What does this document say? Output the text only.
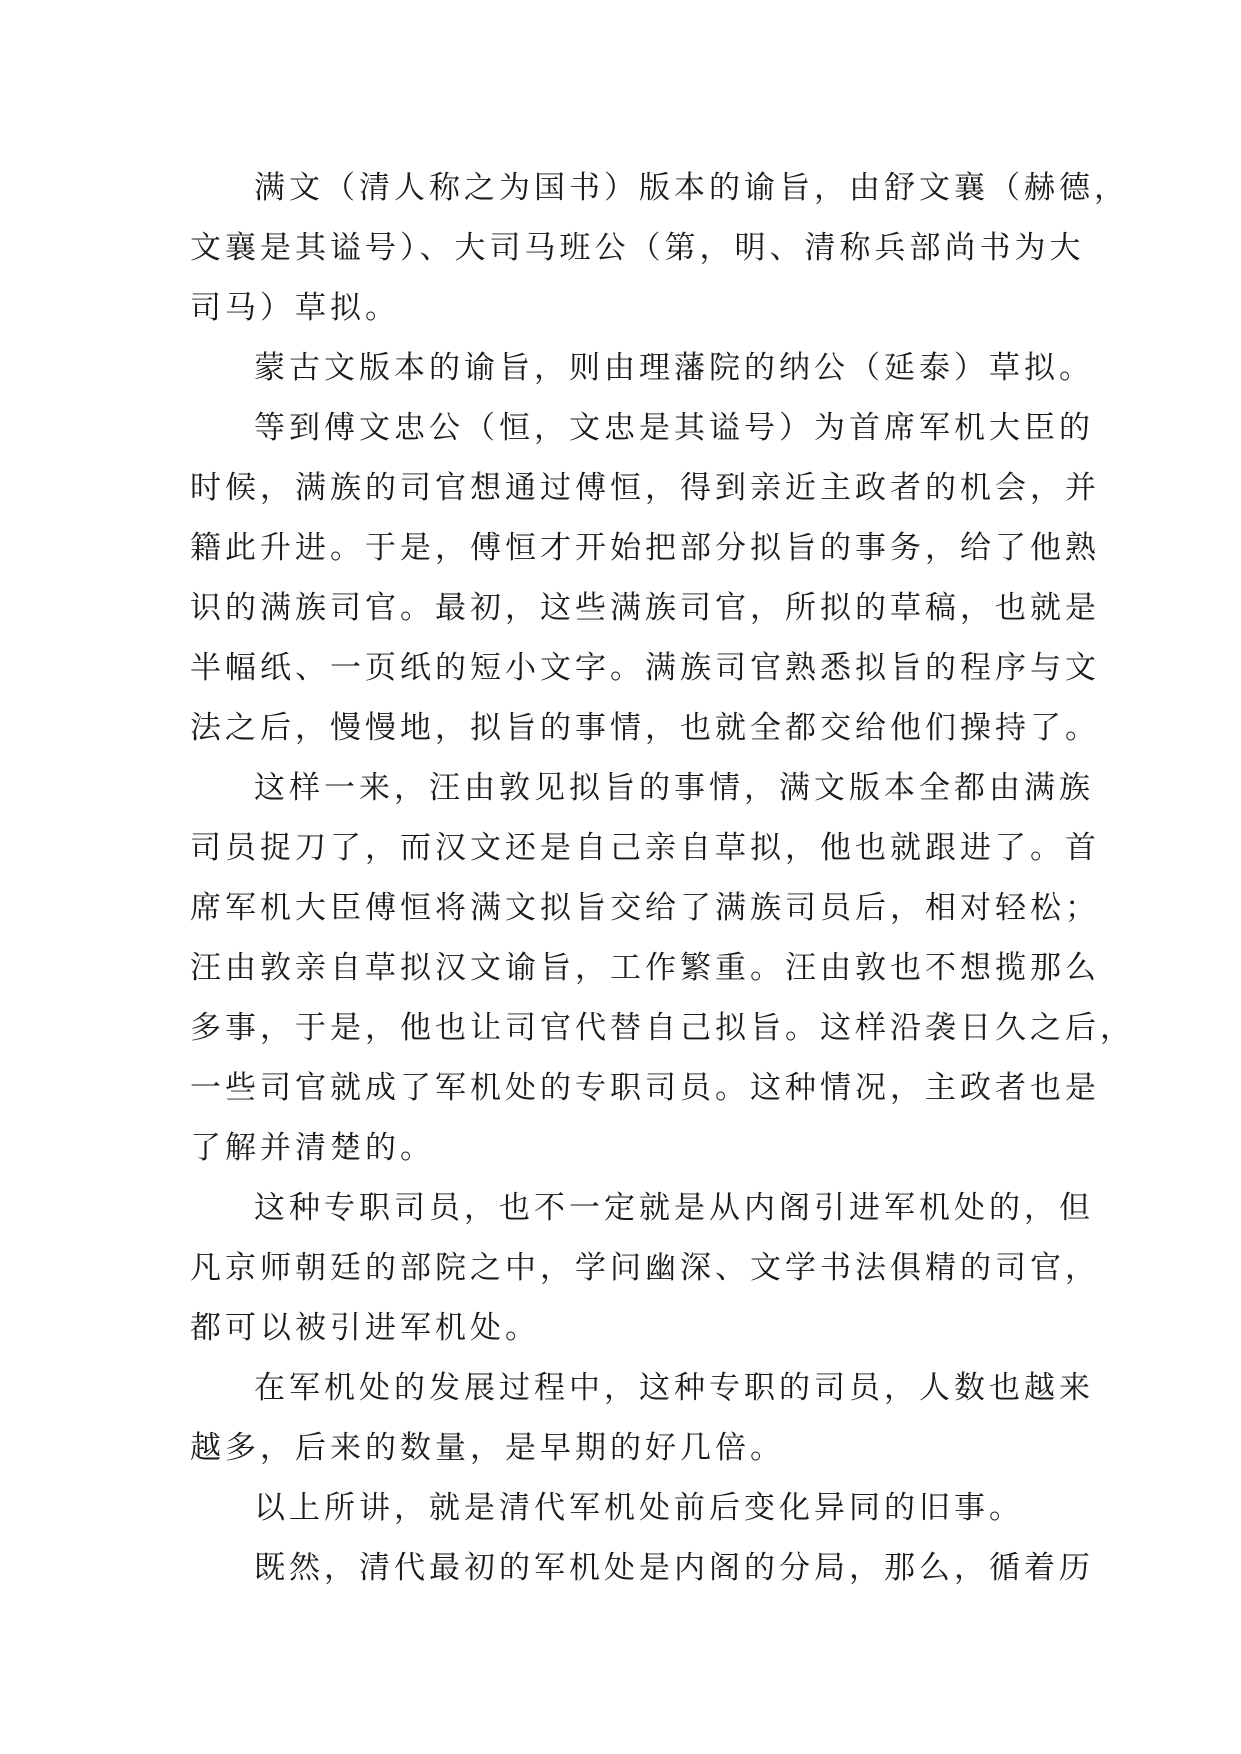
满文（清人称之为国书）版本的谕旨，由舒文襄（赫德，
文襄是其谥号）、大司马班公（第，明、清称兵部尚书为大
司马）草拟。
蒙古文版本的谕旨，则由理藩院的纳公（延泰）草拟。
等到傅文忠公（恒，文忠是其谥号）为首席军机大臣的
时候，满族的司官想通过傅恒，得到亲近主政者的机会，并
籍此升进。于是，傅恒才开始把部分拟旨的事务，给了他熟
识的满族司官。最初，这些满族司官，所拟的草稿，也就是
半幅纸、一页纸的短小文字。满族司官熟悉拟旨的程序与文
法之后，慢慢地，拟旨的事情，也就全都交给他们操持了。
这样一来，汪由敦见拟旨的事情，满文版本全都由满族
司员捉刀了，而汉文还是自己亲自草拟，他也就跟进了。首
席军机大臣傅恒将满文拟旨交给了满族司员后，相对轻松；
汪由敦亲自草拟汉文谕旨，工作繁重。汪由敦也不想揽那么
多事，于是，他也让司官代替自己拟旨。这样沿袭日久之后，
一些司官就成了军机处的专职司员。这种情况，主政者也是
了解并清楚的。
这种专职司员，也不一定就是从内阁引进军机处的，但
凡京师朝廷的部院之中，学问幽深、文学书法俱精的司官，
都可以被引进军机处。
在军机处的发展过程中，这种专职的司员，人数也越来
越多，后来的数量，是早期的好几倍。
以上所讲，就是清代军机处前后变化异同的旧事。
既然，清代最初的军机处是内阁的分局，那么，循着历
